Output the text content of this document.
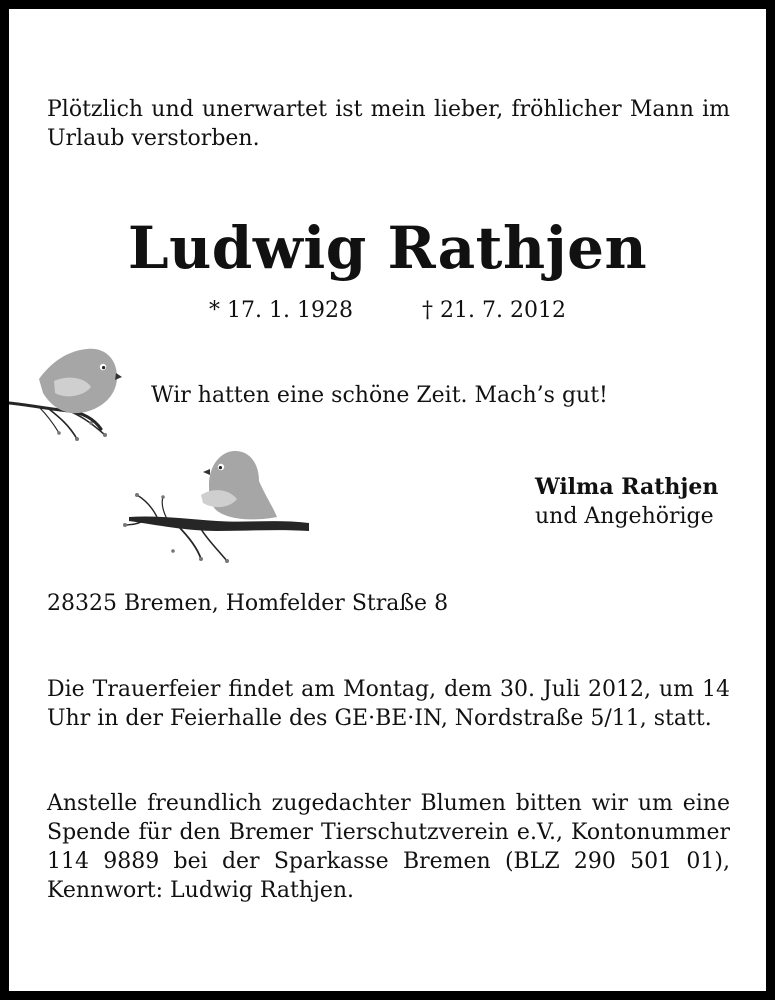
Plötzlich und unerwartet ist mein lieber, fröhlicher Mann im Urlaub verstorben.
Ludwig Rathjen
* 17. 1. 1928	† 21. 7. 2012
Wir hatten eine schöne Zeit. Mach’s gut!
Wilma Rathjen
und Angehörige
28325 Bremen, Homfelder Straße 8
Die Trauerfeier findet am Montag, dem 30. Juli 2012, um 14 Uhr in der Feierhalle des GE·BE·IN, Nordstraße 5/11, statt.
Anstelle freundlich zugedachter Blumen bitten wir um eine Spende für den Bremer Tierschutzverein e.V., Kontonummer 114 9889 bei der Sparkasse Bremen (BLZ 290 501 01), Kennwort: Ludwig Rathjen.
